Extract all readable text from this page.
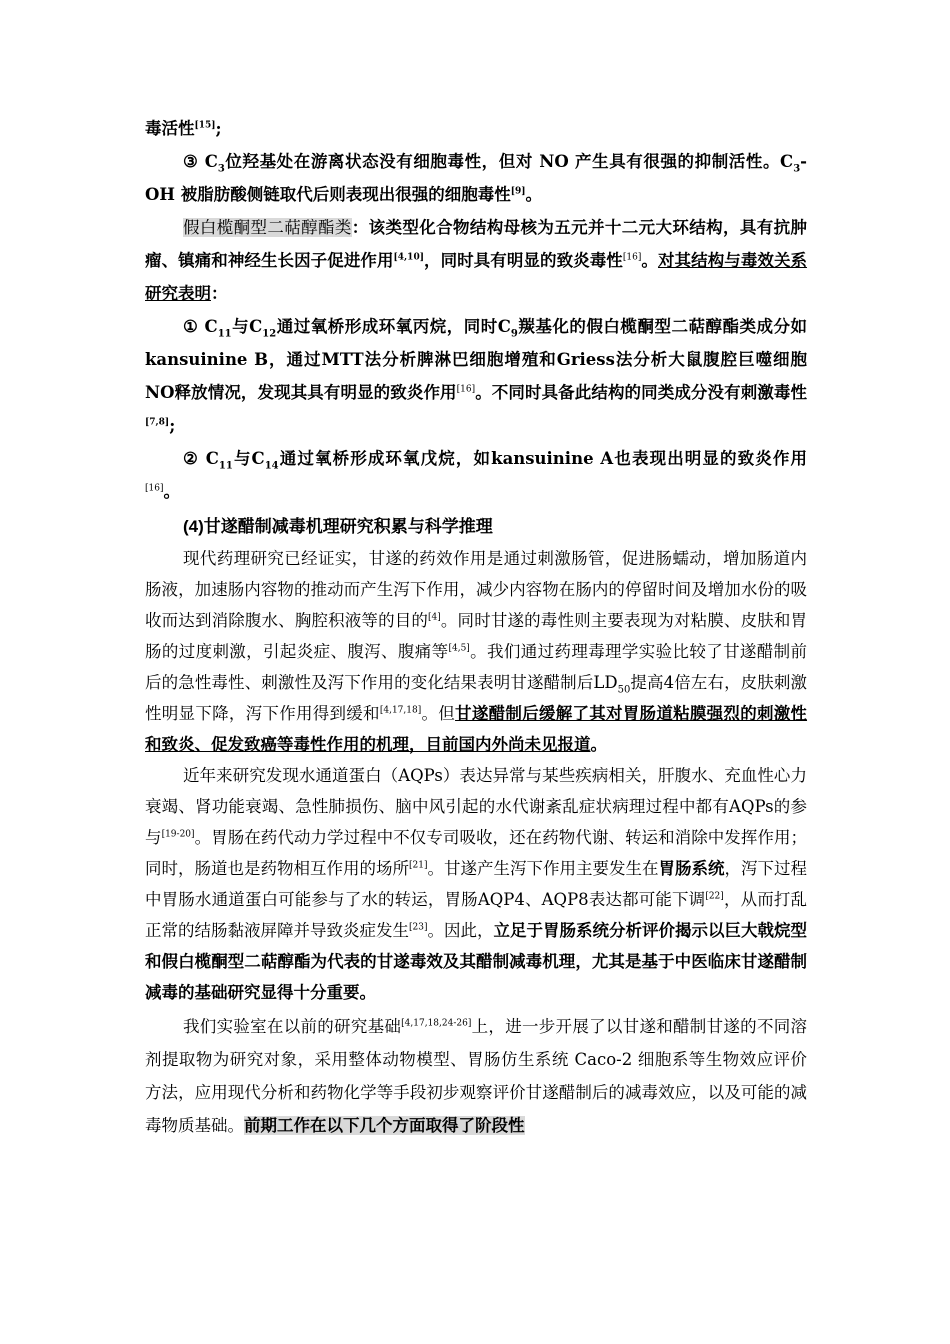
毒活性[15];

③ $C_3$位羟基处在游离状态没有细胞毒性，但对 NO 产生具有很强的抑制活性。$C_3-OH$ 被脂肪酸侧链取代后则表现出很强的细胞毒性[9]。

假白榄酮型二萜醇酯类：该类型化合物结构母核为五元并十二元大环结构，具有抗肿瘤、镇痛和神经生长因子促进作用[4,10]，同时具有明显的致炎毒性[16]。对其结构与毒效关系研究表明：

① $C_{11}$与$C_{12}$通过氧桥形成环氧丙烷，同时$C_9$羰基化的假白榄酮型二萜醇酯类成分如kansuinine B，通过MTT法分析脾淋巴细胞增殖和Griess法分析大鼠腹腔巨噬细胞NO释放情况，发现其具有明显的致炎作用[16]。不同时具备此结构的同类成分没有刺激毒性[7,8];

② $C_{11}$与$C_{14}$通过氧桥形成环氧戊烷，如kansuinine A也表现出明显的致炎作用[16]。

(4)甘遂醋制减毒机理研究积累与科学推理

现代药理研究已经证实，甘遂的药效作用是通过刺激肠管，促进肠蠕动，增加肠道内肠液，加速肠内容物的推动而产生泻下作用，减少内容物在肠内的停留时间及增加水份的吸收而达到消除腹水、胸腔积液等的目的[4]。同时甘遂的毒性则主要表现为对粘膜、皮肤和胃肠的过度刺激，引起炎症、腹泻、腹痛等[4,5]。我们通过药理毒理学实验比较了甘遂醋制前后的急性毒性、刺激性及泻下作用的变化结果表明甘遂醋制后$LD_{50}$提高4倍左右，皮肤刺激性明显下降，泻下作用得到缓和[4,17,18]。但甘遂醋制后缓解了其对胃肠道粘膜强烈的刺激性和致炎、促发致癌等毒性作用的机理，目前国内外尚未见报道。

近年来研究发现水通道蛋白（AQPs）表达异常与某些疾病相关，肝腹水、充血性心力衰竭、肾功能衰竭、急性肺损伤、脑中风引起的水代谢紊乱症状病理过程中都有AQPs的参与[19-20]。胃肠在药代动力学过程中不仅专司吸收，还在药物代谢、转运和消除中发挥作用；同时，肠道也是药物相互作用的场所[21]。甘遂产生泻下作用主要发生在胃肠系统，泻下过程中胃肠水通道蛋白可能参与了水的转运，胃肠AQP4、AQP8表达都可能下调[22]，从而打乱正常的结肠黏液屏障并导致炎症发生[23]。因此，立足于胃肠系统分析评价揭示以巨大戟烷型和假白榄酮型二萜醇酯为代表的甘遂毒效及其醋制减毒机理，尤其是基于中医临床甘遂醋制减毒的基础研究显得十分重要。

我们实验室在以前的研究基础[4,17,18,24-26]上，进一步开展了以甘遂和醋制甘遂的不同溶剂提取物为研究对象，采用整体动物模型、胃肠仿生系统 Caco-2 细胞系等生物效应评价方法，应用现代分析和药物化学等手段初步观察评价甘遂醋制后的减毒效应，以及可能的减毒物质基础。前期工作在以下几个方面取得了阶段性
